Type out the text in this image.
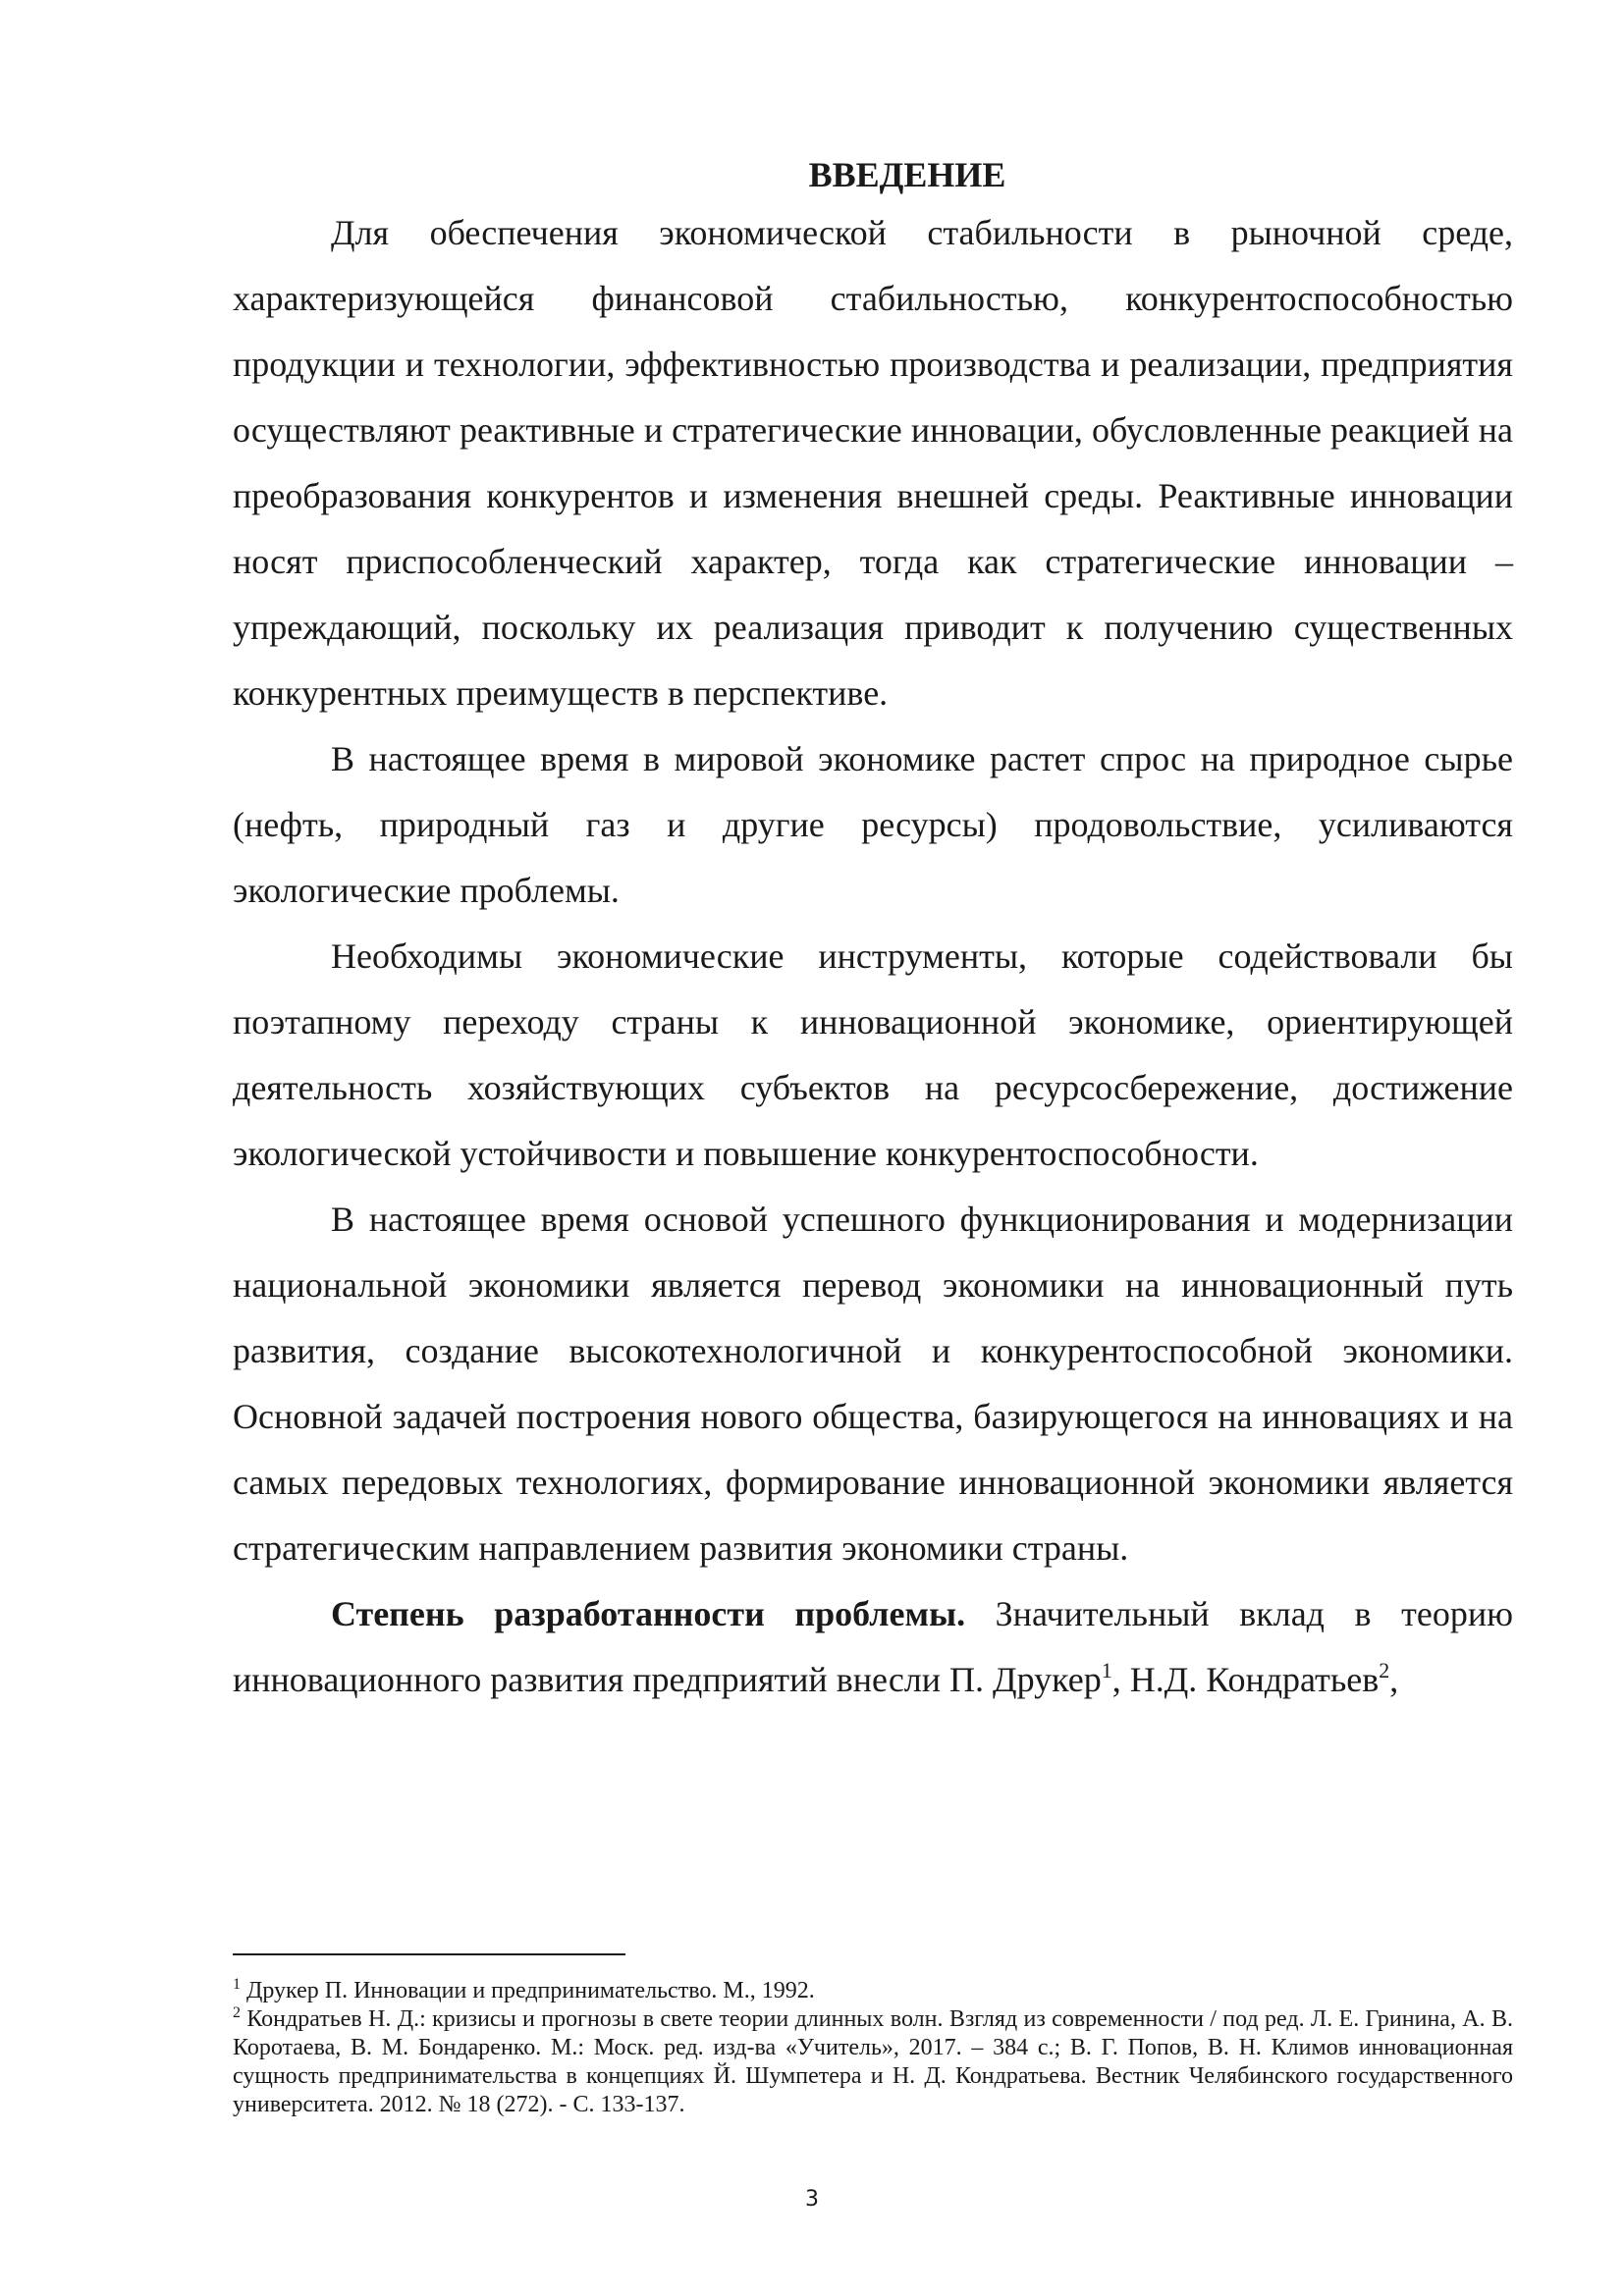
ВВЕДЕНИЕ

Для обеспечения экономической стабильности в рыночной среде, характеризующейся финансовой стабильностью, конкурентоспособностью продукции и технологии, эффективностью производства и реализации, предприятия осуществляют реактивные и стратегические инновации, обусловленные реакцией на преобразования конкурентов и изменения внешней среды. Реактивные инновации носят приспособленческий характер, тогда как стратегические инновации – упреждающий, поскольку их реализация приводит к получению существенных конкурентных преимуществ в перспективе.

В настоящее время в мировой экономике растет спрос на природное сырье (нефть, природный газ и другие ресурсы) продовольствие, усиливаются экологические проблемы.

Необходимы экономические инструменты, которые содействовали бы поэтапному переходу страны к инновационной экономике, ориентирующей деятельность хозяйствующих субъектов на ресурсосбережение, достижение экологической устойчивости и повышение конкурентоспособности.

В настоящее время основой успешного функционирования и модернизации национальной экономики является перевод экономики на инновационный путь развития, создание высокотехнологичной и конкурентоспособной экономики. Основной задачей построения нового общества, базирующегося на инновациях и на самых передовых технологиях, формирование инновационной экономики является стратегическим направлением развития экономики страны.

Степень разработанности проблемы. Значительный вклад в теорию инновационного развития предприятий внесли П. Друкер$^1$, Н.Д. Кондратьев$^2$,

$^1$ Друкер П. Инновации и предпринимательство. М., 1992.

$^2$ Кондратьев Н. Д.: кризисы и прогнозы в свете теории длинных волн. Взгляд из современности / под ред. Л. Е. Гринина, А. В. Коротаева, В. М. Бондаренко. М.: Моск. ред. изд-ва «Учитель», 2017. – 384 с.; В. Г. Попов, В. Н. Климов инновационная сущность предпринимательства в концепциях Й. Шумпетера и Н. Д. Кондратьева. Вестник Челябинского государственного университета. 2012. № 18 (272). - С. 133-137.

3
